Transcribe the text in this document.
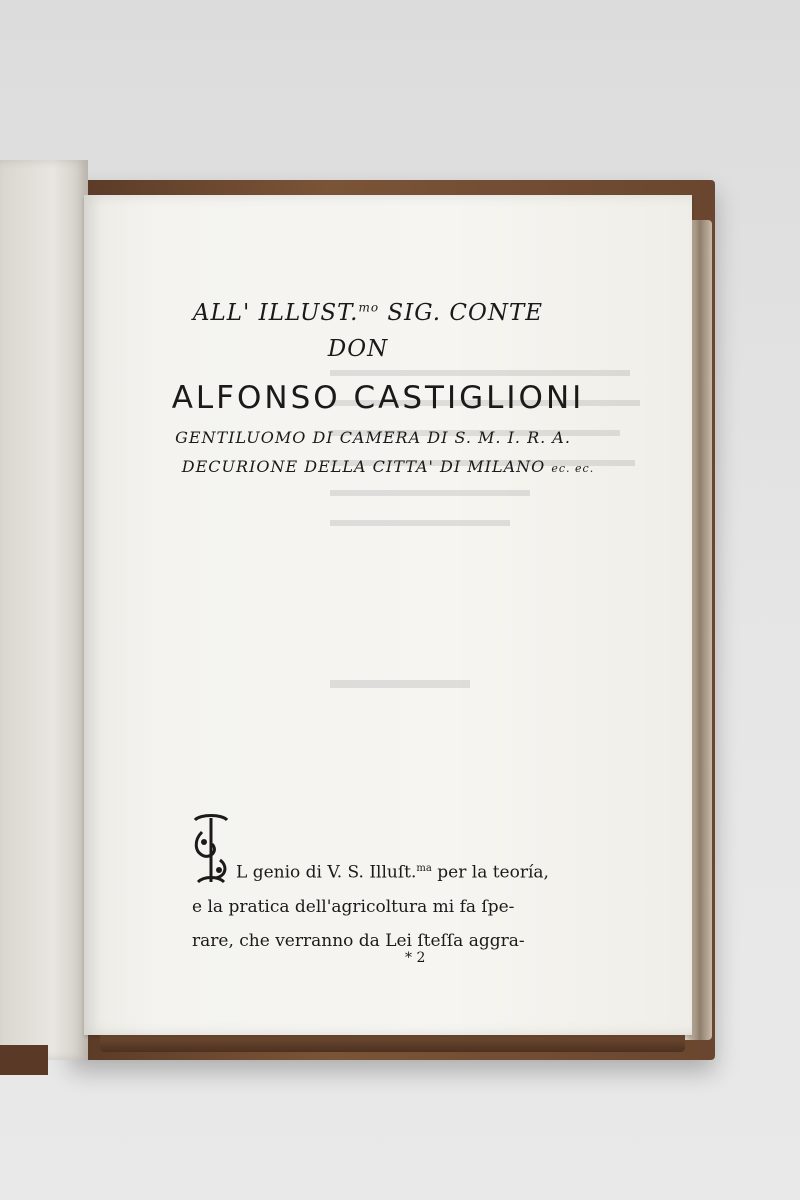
ALL' ILLUST.$^{mo}$ SIG. CONTE
DON
ALFONSO CASTIGLIONI
GENTILUOMO DI CAMERA DI S. M. I. R. A.
DECURIONE DELLA CITTA' DI MILANO ec. ec.
L genio di V. S. Illuſt.$^{ma}$ per la teoría,
e la pratica dell'agricoltura mi fa ſpe-
rare, che verranno da Lei ſteſſa aggra-
* 2
